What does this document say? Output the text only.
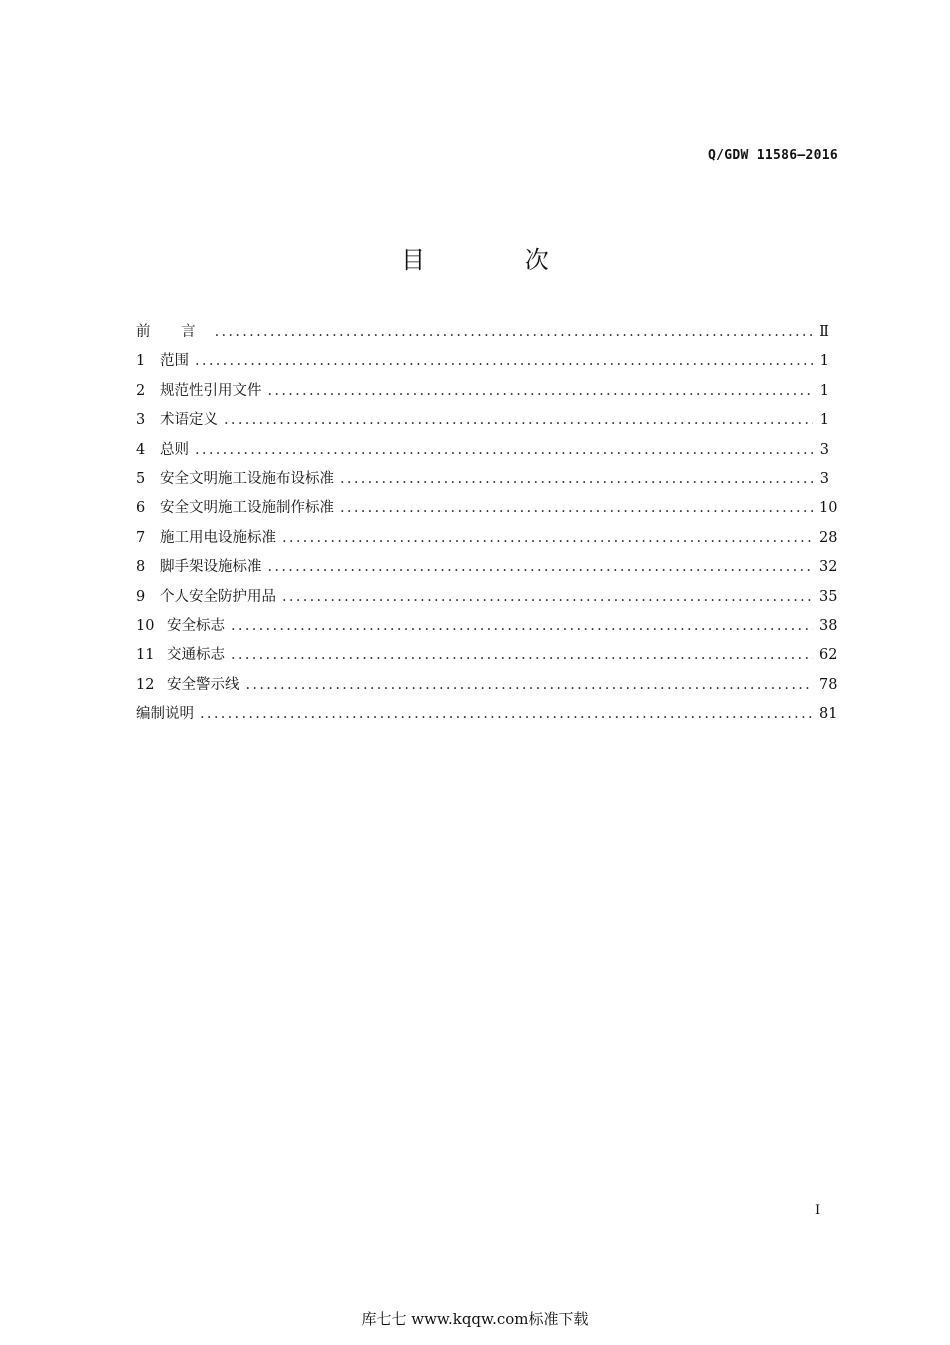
Q/GDW 11586—2016
目 次
前 言 .....	Ⅱ
1	范围 .....	1
2	规范性引用文件 .....	1
3	术语定义 .....	1
4	总则 .....	3
5	安全文明施工设施布设标准 .....	3
6	安全文明施工设施制作标准 .....	10
7	施工用电设施标准 .....	28
8	脚手架设施标准 .....	32
9	个人安全防护用品 .....	35
10 安全标志 .....	38
11 交通标志 .....	62
12 安全警示线 .....	78
编制说明 .....	81
I
库七七 www.kqqw.com标准下载
